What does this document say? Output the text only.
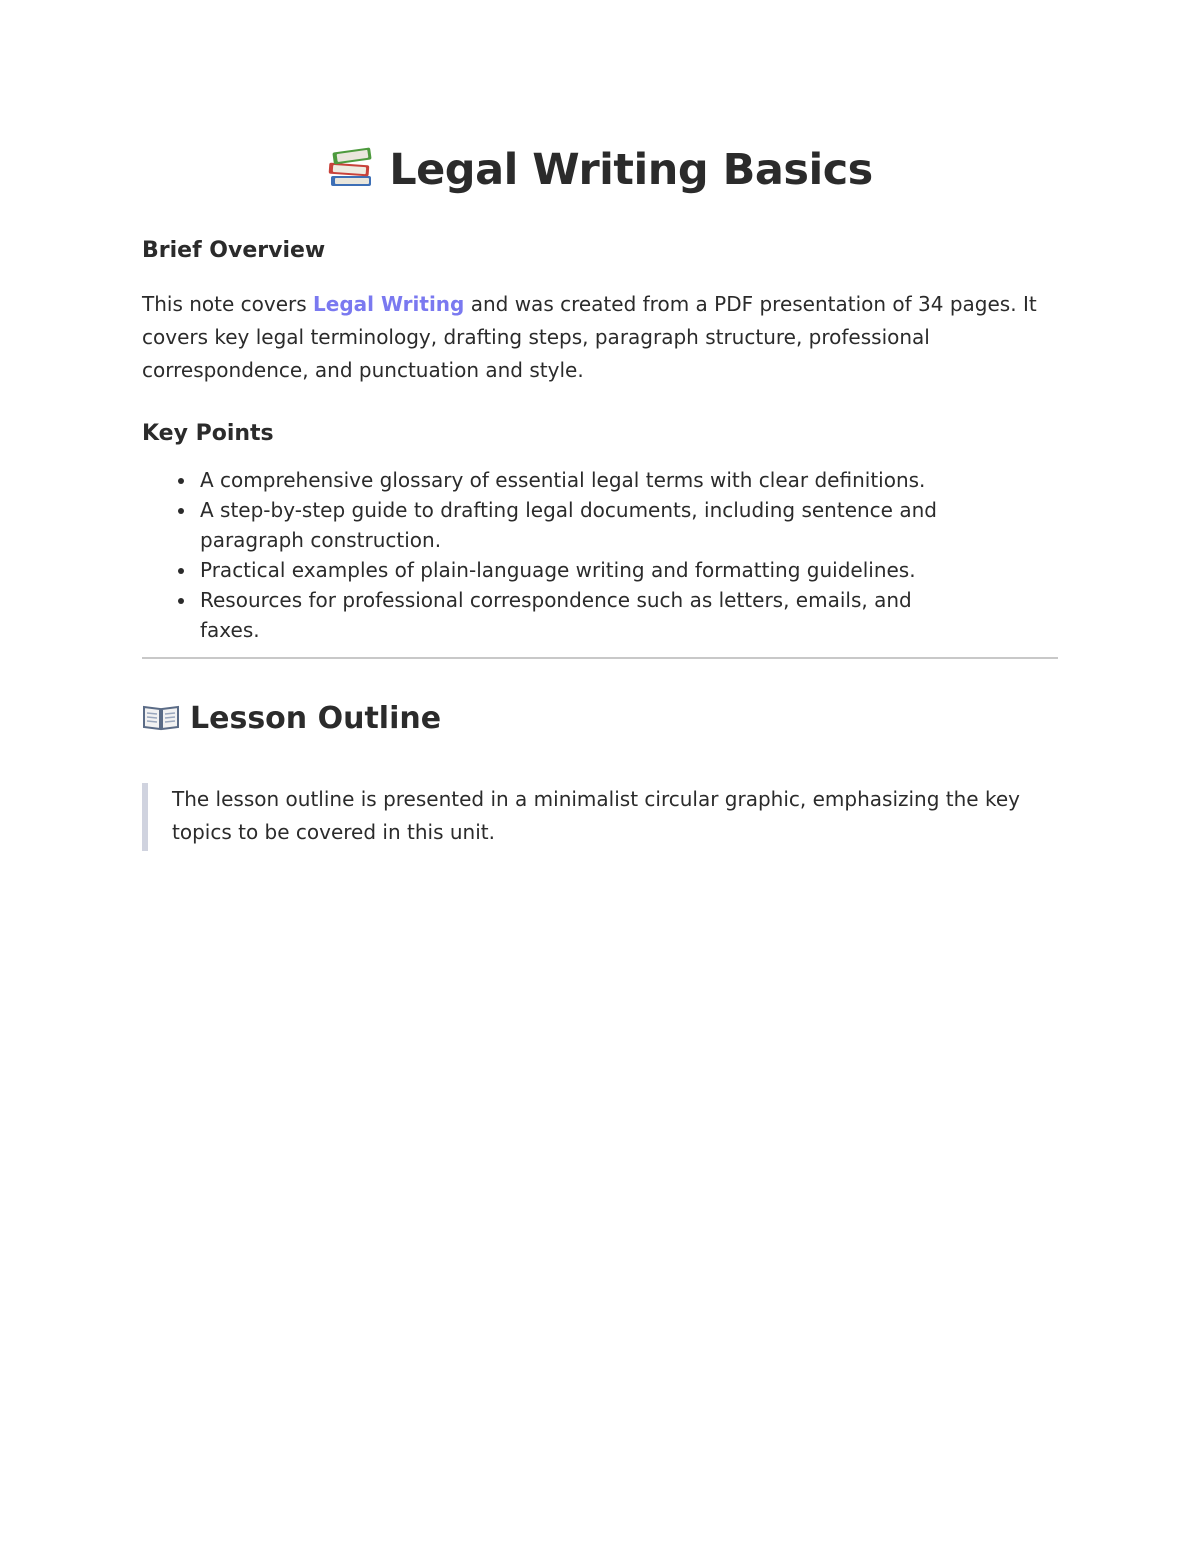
Legal Writing Basics
Brief Overview

This note covers Legal Writing and was created from a PDF presentation of 34 pages. It covers key legal terminology, drafting steps, paragraph structure, professional correspondence, and punctuation and style.

Key Points
A comprehensive glossary of essential legal terms with clear definitions.
A step-by-step guide to drafting legal documents, including sentence and paragraph construction.
Practical examples of plain-language writing and formatting guidelines.
Resources for professional correspondence such as letters, emails, and faxes.
Lesson Outline
The lesson outline is presented in a minimalist circular graphic, emphasizing the key topics to be covered in this unit.
